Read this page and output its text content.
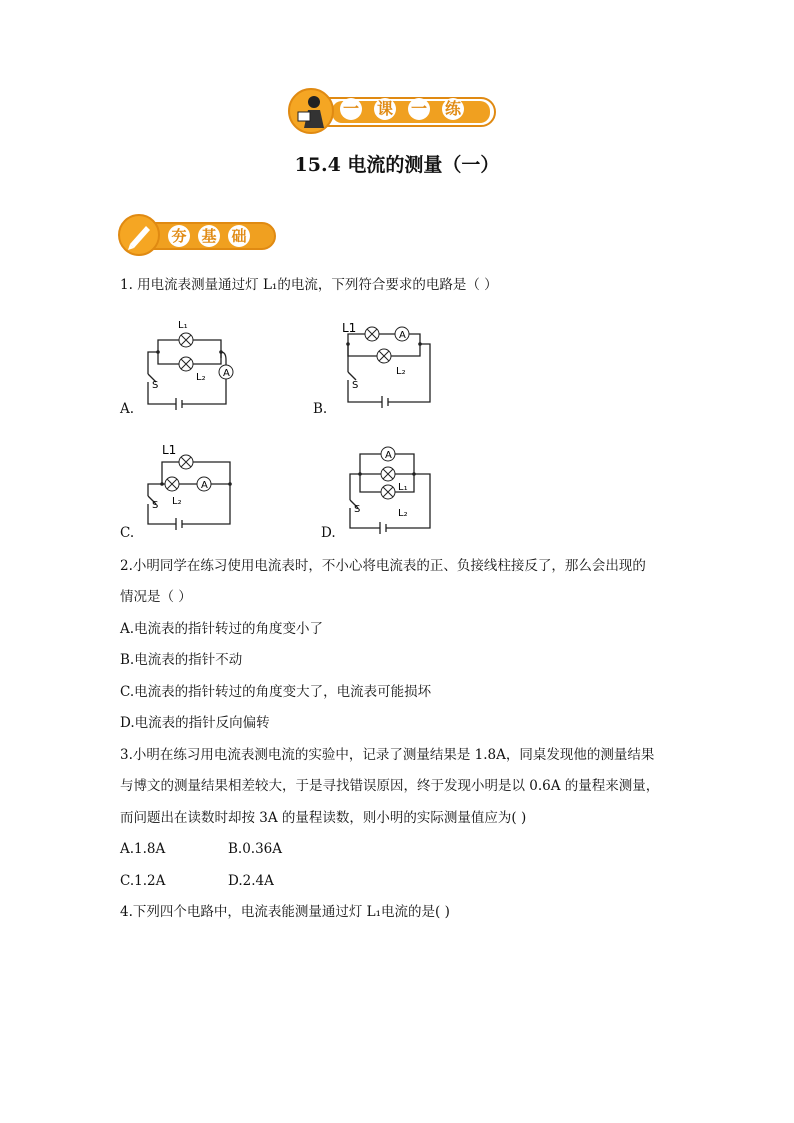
一 课 一 练
15.4 电流的测量（一）
夯 基 础
1. 用电流表测量通过灯 L₁的电流，下列符合要求的电路是（ ）
A.
A
L₁
L₂
S
B.
A
L1
L₂
S
C.
A
L1
L₂
S
D.
A
L₁
L₂
S
2.小明同学在练习使用电流表时，不小心将电流表的正、负接线柱接反了，那么会出现的
情况是（ ）
A.电流表的指针转过的角度变小了
B.电流表的指针不动
C.电流表的指针转过的角度变大了，电流表可能损坏
D.电流表的指针反向偏转
3.小明在练习用电流表测电流的实验中，记录了测量结果是 1.8A，同桌发现他的测量结果
与博文的测量结果相差较大，于是寻找错误原因，终于发现小明是以 0.6A 的量程来测量，
而问题出在读数时却按 3A 的量程读数，则小明的实际测量值应为( )
A.1.8A	B.0.36A
C.1.2A	D.2.4A
4.下列四个电路中，电流表能测量通过灯 L₁电流的是( )
